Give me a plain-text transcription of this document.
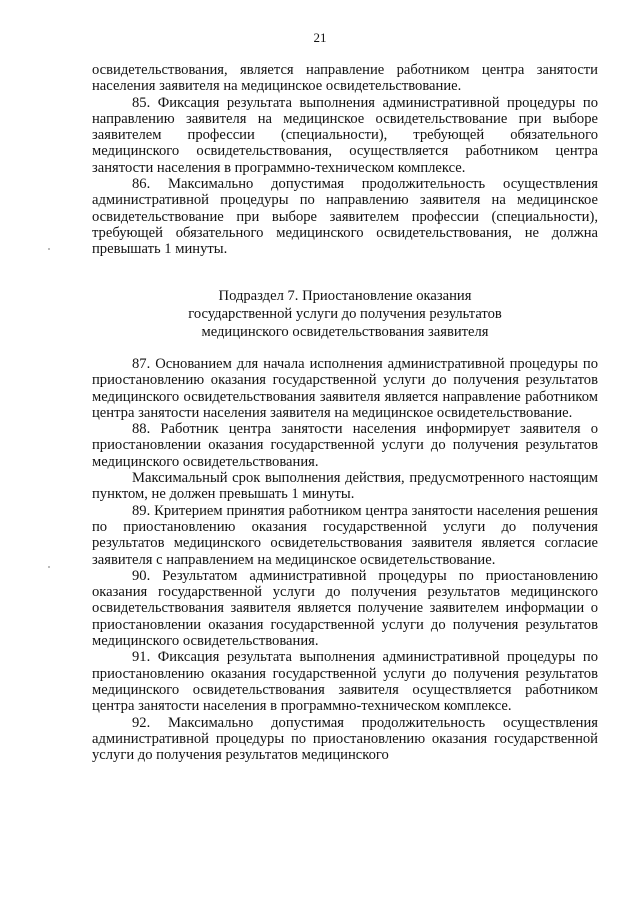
21

освидетельствования, является направление работником центра занятости населения заявителя на медицинское освидетельствование.

85. Фиксация результата выполнения административной процедуры по направлению заявителя на медицинское освидетельствование при выборе заявителем профессии (специальности), требующей обязательного медицинского освидетельствования, осуществляется работником центра занятости населения в программно-техническом комплексе.

86. Максимально допустимая продолжительность осуществления административной процедуры по направлению заявителя на медицинское освидетельствование при выборе заявителем профессии (специальности), требующей обязательного медицинского освидетельствования, не должна превышать 1 минуты.

Подраздел 7. Приостановление оказания
государственной услуги до получения результатов
медицинского освидетельствования заявителя

87. Основанием для начала исполнения административной процедуры по приостановлению оказания государственной услуги до получения результатов медицинского освидетельствования заявителя является направление работником центра занятости населения заявителя на медицинское освидетельствование.

88. Работник центра занятости населения информирует заявителя о приостановлении оказания государственной услуги до получения результатов медицинского освидетельствования.

Максимальный срок выполнения действия, предусмотренного настоящим пунктом, не должен превышать 1 минуты.

89. Критерием принятия работником центра занятости населения решения по приостановлению оказания государственной услуги до получения результатов медицинского освидетельствования заявителя является согласие заявителя с направлением на медицинское освидетельствование.

90. Результатом административной процедуры по приостановлению оказания государственной услуги до получения результатов медицинского освидетельствования заявителя является получение заявителем информации о приостановлении оказания государственной услуги до получения результатов медицинского освидетельствования.

91. Фиксация результата выполнения административной процедуры по приостановлению оказания государственной услуги до получения результатов медицинского освидетельствования заявителя осуществляется работником центра занятости населения в программно-техническом комплексе.

92. Максимально допустимая продолжительность осуществления административной процедуры по приостановлению оказания государственной услуги до получения результатов медицинского
